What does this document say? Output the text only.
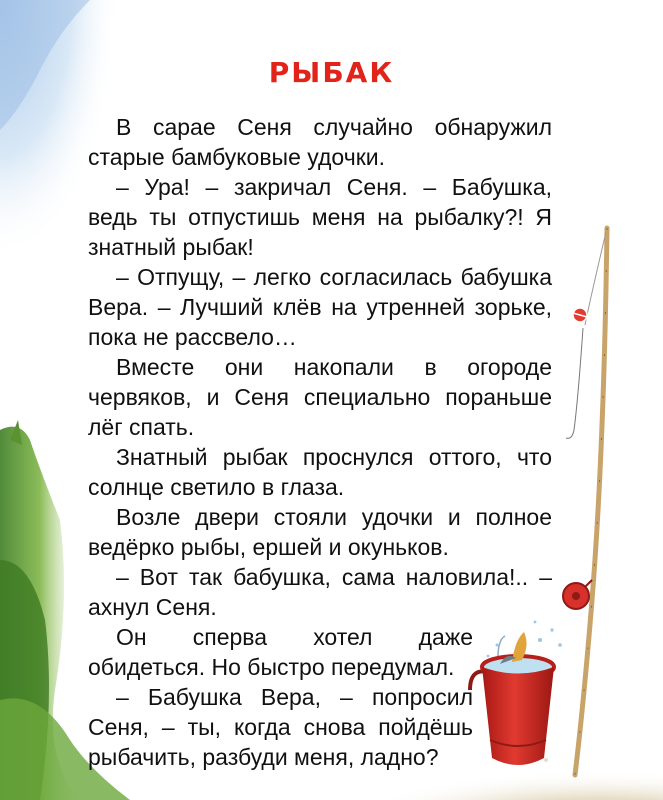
РЫБАК

В сарае Сеня случайно обнаружил старые бамбуковые удочки.

– Ура! – закричал Сеня. – Бабушка, ведь ты отпустишь меня на рыбалку?! Я знатный рыбак!

– Отпущу, – легко согласилась бабушка Вера. – Лучший клёв на утренней зорьке, пока не рассвело…

Вместе они накопали в огороде червяков, и Сеня специально пораньше лёг спать.

Знатный рыбак проснулся оттого, что солнце светило в глаза.

Возле двери стояли удочки и полное ведёрко рыбы, ершей и окуньков.

– Вот так бабушка, сама наловила!.. – ахнул Сеня.

Он сперва хотел даже обидеться. Но быстро передумал.

– Бабушка Вера, – попросил Сеня, – ты, когда снова пойдёшь рыбачить, разбуди меня, ладно?
